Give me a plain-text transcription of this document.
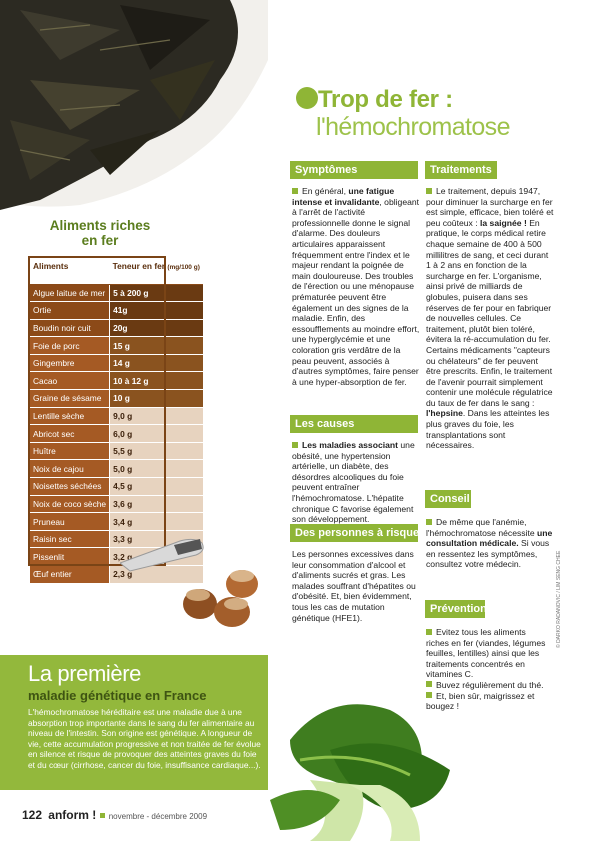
Trop de fer :
l'hémochromatose
Aliments riches
en fer
Aliments	Teneur en fer (mg/100 g)
Algue laitue de mer	5 à 200 g
Ortie	41g
Boudin noir cuit	20g
Foie de porc	15 g
Gingembre	14 g
Cacao	10 à 12 g
Graine de sésame	10 g
Lentille sèche	9,0 g
Abricot sec	6,0 g
Huître	5,5 g
Noix de cajou	5,0 g
Noisettes séchées	4,5 g
Noix de coco sèche	3,6 g
Pruneau	3,4 g
Raisin sec	3,3 g
Pissenlit	3,2 g
Œuf entier	2,3 g
Symptômes
En général, une fatigue intense et invalidante, obligeant à l'arrêt de l'activité professionnelle donne le signal d'alarme. Des douleurs articulaires apparaissent fréquemment entre l'index et le majeur rendant la poignée de main douloureuse. Des troubles de l'érection ou une ménopause prématurée peuvent être également un des signes de la maladie. Enfin, des essoufflements au moindre effort, une hyperglycémie et une coloration gris verdâtre de la peau peuvent, associés à d'autres symptômes, faire penser à une hyper-absorption de fer.
Les causes
Les maladies associant une obésité, une hypertension artérielle, un diabète, des désordres alcooliques du foie peuvent entraîner l'hémochromatose. L'hépatite chronique C favorise également son développement.
Des personnes à risque
Les personnes excessives dans leur consommation d'alcool et d'aliments sucrés et gras. Les malades souffrant d'hépatites ou d'obésité. Et, bien évidemment, tous les cas de mutation génétique (HFE1).
Traitements
Le traitement, depuis 1947, pour diminuer la surcharge en fer est simple, efficace, bien toléré et peu coûteux : la saignée ! En pratique, le corps médical retire chaque semaine de 400 à 500 millilitres de sang, et ceci durant 1 à 2 ans en fonction de la surcharge en fer. L'organisme, ainsi privé de milliards de globules, puisera dans ses réserves de fer pour en fabriquer de nouvelles cellules. Ce traitement, plutôt bien toléré, évitera la ré-accumulation du fer. Certains médicaments "capteurs ou chélateurs" de fer peuvent être prescrits. Enfin, le traitement de l'avenir pourrait simplement contenir une molécule régulatrice du taux de fer dans le sang : l'hepsine. Dans les atteintes les plus graves du foie, les transplantations sont nécessaires.
Conseil
De même que l'anémie, l'hémochromatose nécessite une consultation médicale. Si vous en ressentez les symptômes, consultez votre médecin.
Prévention
Evitez tous les aliments riches en fer (viandes, légumes feuilles, lentilles) ainsi que les traitements concentrés en vitamines C.
Buvez régulièrement du thé.
Et, bien sûr, maigrissez et bougez !
La première
maladie génétique en France
L'hémochromatose héréditaire est une maladie due à une absorption trop importante dans le sang du fer alimentaire au niveau de l'intestin. Son origine est génétique. A longueur de vie, cette accumulation progressive et non traitée de fer évolue en silence et risque de provoquer des atteintes graves du foie et du cœur (cirrhose, cancer du foie, insuffisance cardiaque...).
© DARKO RADANOVIC / LIM SENG CHEE
122 anform ! novembre - décembre 2009
